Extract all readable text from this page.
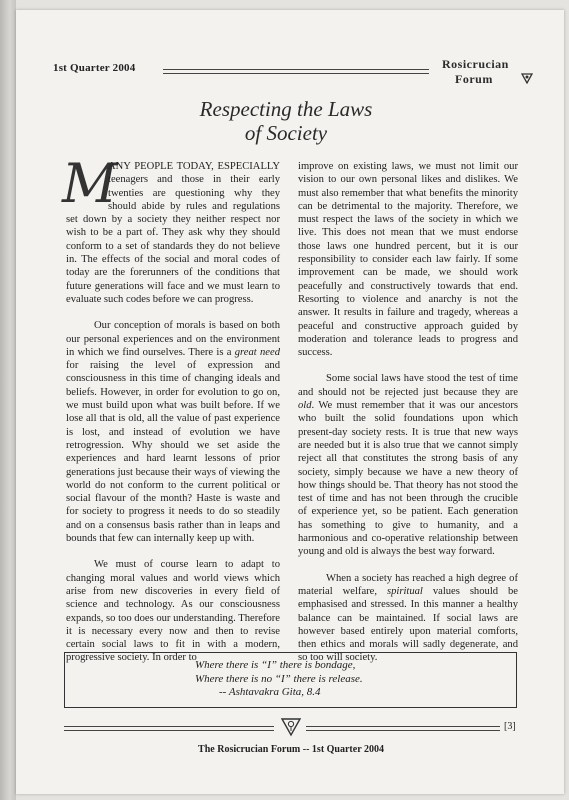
1st Quarter 2004	Rosicrucian
Forum
Respecting the Laws
of Society

M
ANY PEOPLE TODAY, ESPECIALLY teenagers and those in their early twenties are questioning why they should abide by rules and regulations set down by a society they neither respect nor wish to be a part of. They ask why they should conform to a set of standards they do not believe in. The effects of the social and moral codes of today are the forerunners of the conditions that future generations will face and we must learn to evaluate such codes before we can progress.

Our conception of morals is based on both our personal experiences and on the environment in which we find ourselves. There is a great need for raising the level of expression and consciousness in this time of changing ideals and beliefs. However, in order for evolution to go on, we must build upon what was built before. If we lose all that is old, all the value of past experience is lost, and instead of evolution we have retrogression. Why should we set aside the experiences and hard learnt lessons of prior generations just because their ways of viewing the world do not conform to the current political or social flavour of the month? Haste is waste and for society to progress it needs to do so steadily and on a consensus basis rather than in leaps and bounds that few can internally keep up with.

We must of course learn to adapt to changing moral values and world views which arise from new discoveries in every field of science and technology. As our consciousness expands, so too does our understanding. Therefore it is necessary every now and then to revise certain social laws to fit in with a modern, progressive society. In order to

improve on existing laws, we must not limit our vision to our own personal likes and dislikes. We must also remember that what benefits the minority can be detrimental to the majority. Therefore, we must respect the laws of the society in which we live. This does not mean that we must endorse those laws one hundred percent, but it is our responsibility to consider each law fairly. If some improvement can be made, we should work peacefully and constructively towards that end. Resorting to violence and anarchy is not the answer. It results in failure and tragedy, whereas a peaceful and constructive approach guided by moderation and tolerance leads to progress and success.

Some social laws have stood the test of time and should not be rejected just because they are old. We must remember that it was our ancestors who built the solid foundations upon which present-day society rests. It is true that new ways are needed but it is also true that we cannot simply reject all that constitutes the strong basis of any society, simply because we have a new theory of how things should be. That theory has not stood the test of time and has not been through the crucible of experience yet, so be patient. Each generation has something to give to humanity, and a harmonious and co-operative relationship between young and old is always the best way forward.

When a society has reached a high degree of material welfare, spiritual values should be emphasised and stressed. In this manner a healthy balance can be maintained. If social laws are however based entirely upon material comforts, then ethics and morals will sadly degenerate, and so too will society.

Where there is “I” there is bondage,
Where there is no “I” there is release.
-- Ashtavakra Gita, 8.4
[3]
The Rosicrucian Forum -- 1st Quarter 2004
